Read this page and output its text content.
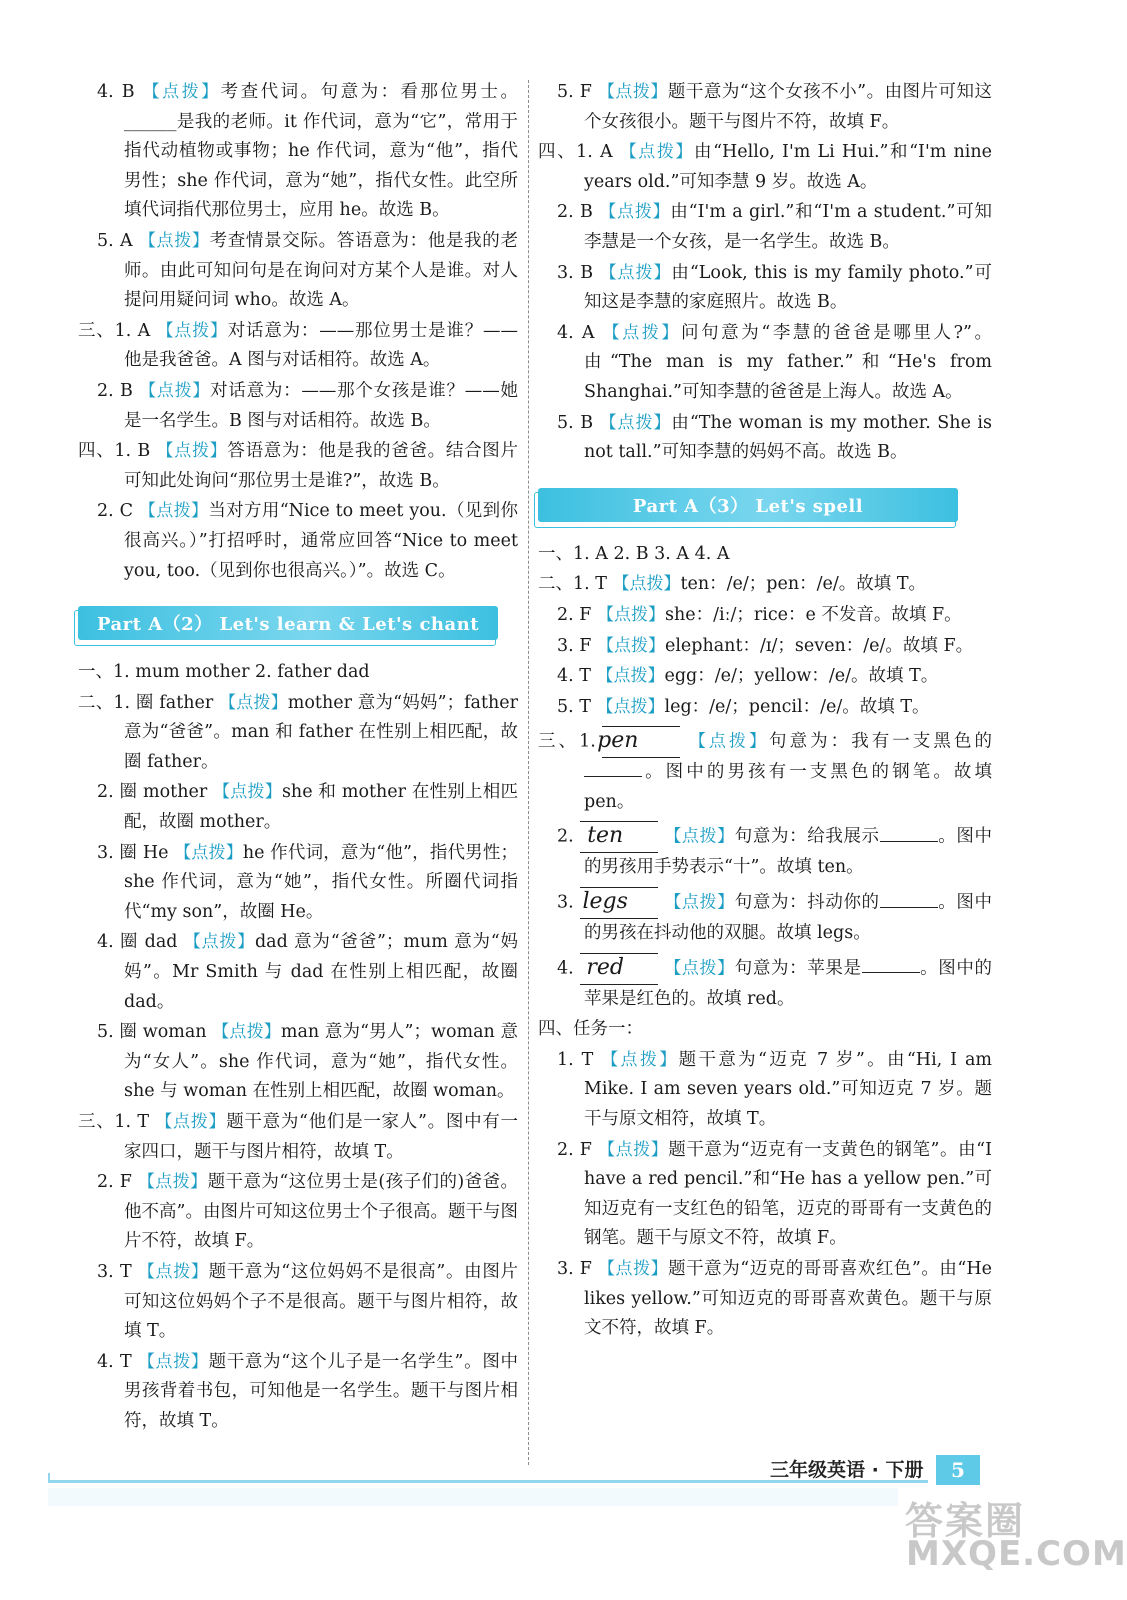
4. B 【点拨】考查代词。句意为：看那位男士。______是我的老师。it 作代词，意为“它”，常用于指代动植物或事物；he 作代词，意为“他”，指代男性；she 作代词，意为“她”，指代女性。此空所填代词指代那位男士，应用 he。故选 B。

5. A 【点拨】考查情景交际。答语意为：他是我的老师。由此可知问句是在询问对方某个人是谁。对人提问用疑问词 who。故选 A。

三、1. A 【点拨】对话意为：——那位男士是谁？——他是我爸爸。A 图与对话相符。故选 A。

2. B 【点拨】对话意为：——那个女孩是谁？——她是一名学生。B 图与对话相符。故选 B。

四、1. B 【点拨】答语意为：他是我的爸爸。结合图片可知此处询问“那位男士是谁?”，故选 B。

2. C 【点拨】当对方用“Nice to meet you.（见到你很高兴。）”打招呼时，通常应回答“Nice to meet you, too.（见到你也很高兴。）”。故选 C。

Part A（2） Let's learn & Let's chant

一、1. mum mother 2. father dad

二、1. 圈 father 【点拨】mother 意为“妈妈”；father 意为“爸爸”。man 和 father 在性别上相匹配，故圈 father。

2. 圈 mother 【点拨】she 和 mother 在性别上相匹配，故圈 mother。

3. 圈 He 【点拨】he 作代词，意为“他”，指代男性；she 作代词，意为“她”，指代女性。所圈代词指代“my son”，故圈 He。

4. 圈 dad 【点拨】dad 意为“爸爸”；mum 意为“妈妈”。Mr Smith 与 dad 在性别上相匹配，故圈 dad。

5. 圈 woman 【点拨】man 意为“男人”；woman 意为“女人”。she 作代词，意为“她”，指代女性。she 与 woman 在性别上相匹配，故圈 woman。

三、1. T 【点拨】题干意为“他们是一家人”。图中有一家四口，题干与图片相符，故填 T。

2. F 【点拨】题干意为“这位男士是(孩子们的)爸爸。他不高”。由图片可知这位男士个子很高。题干与图片不符，故填 F。

3. T 【点拨】题干意为“这位妈妈不是很高”。由图片可知这位妈妈个子不是很高。题干与图片相符，故填 T。

4. T 【点拨】题干意为“这个儿子是一名学生”。图中男孩背着书包，可知他是一名学生。题干与图片相符，故填 T。

5. F 【点拨】题干意为“这个女孩不小”。由图片可知这个女孩很小。题干与图片不符，故填 F。

四、1. A 【点拨】由“Hello, I'm Li Hui.”和“I'm nine years old.”可知李慧 9 岁。故选 A。

2. B 【点拨】由“I'm a girl.”和“I'm a student.”可知李慧是一个女孩，是一名学生。故选 B。

3. B 【点拨】由“Look, this is my family photo.”可知这是李慧的家庭照片。故选 B。

4. A 【点拨】问句意为“李慧的爸爸是哪里人?”。由“The man is my father.”和“He's from Shanghai.”可知李慧的爸爸是上海人。故选 A。

5. B 【点拨】由“The woman is my mother. She is not tall.”可知李慧的妈妈不高。故选 B。

Part A（3） Let's spell

一、1. A 2. B 3. A 4. A

二、1. T 【点拨】ten：/e/；pen：/e/。故填 T。

2. F 【点拨】she：/iː/；rice：e 不发音。故填 F。

3. F 【点拨】elephant：/ɪ/；seven：/e/。故填 F。

4. T 【点拨】egg：/e/；yellow：/e/。故填 T。

5. T 【点拨】leg：/e/；pencil：/e/。故填 T。

三、1.pen	【点拨】句意为：我有一支黑色的。图中的男孩有一支黑色的钢笔。故填 pen。

2. ten 【点拨】句意为：给我展示	。图中的男孩用手势表示“十”。故填 ten。

3. legs 【点拨】句意为：抖动你的	。图中的男孩在抖动他的双腿。故填 legs。

4. red 【点拨】句意为：苹果是	。图中的苹果是红色的。故填 red。

四、任务一：

1. T 【点拨】题干意为“迈克 7 岁”。由“Hi, I am Mike. I am seven years old.”可知迈克 7 岁。题干与原文相符，故填 T。

2. F 【点拨】题干意为“迈克有一支黄色的钢笔”。由“I have a red pencil.”和“He has a yellow pen.”可知迈克有一支红色的铅笔，迈克的哥哥有一支黄色的钢笔。题干与原文不符，故填 F。

3. F 【点拨】题干意为“迈克的哥哥喜欢红色”。由“He likes yellow.”可知迈克的哥哥喜欢黄色。题干与原文不符，故填 F。

三年级英语 · 下册	5
答案圈
MXQE.COM
